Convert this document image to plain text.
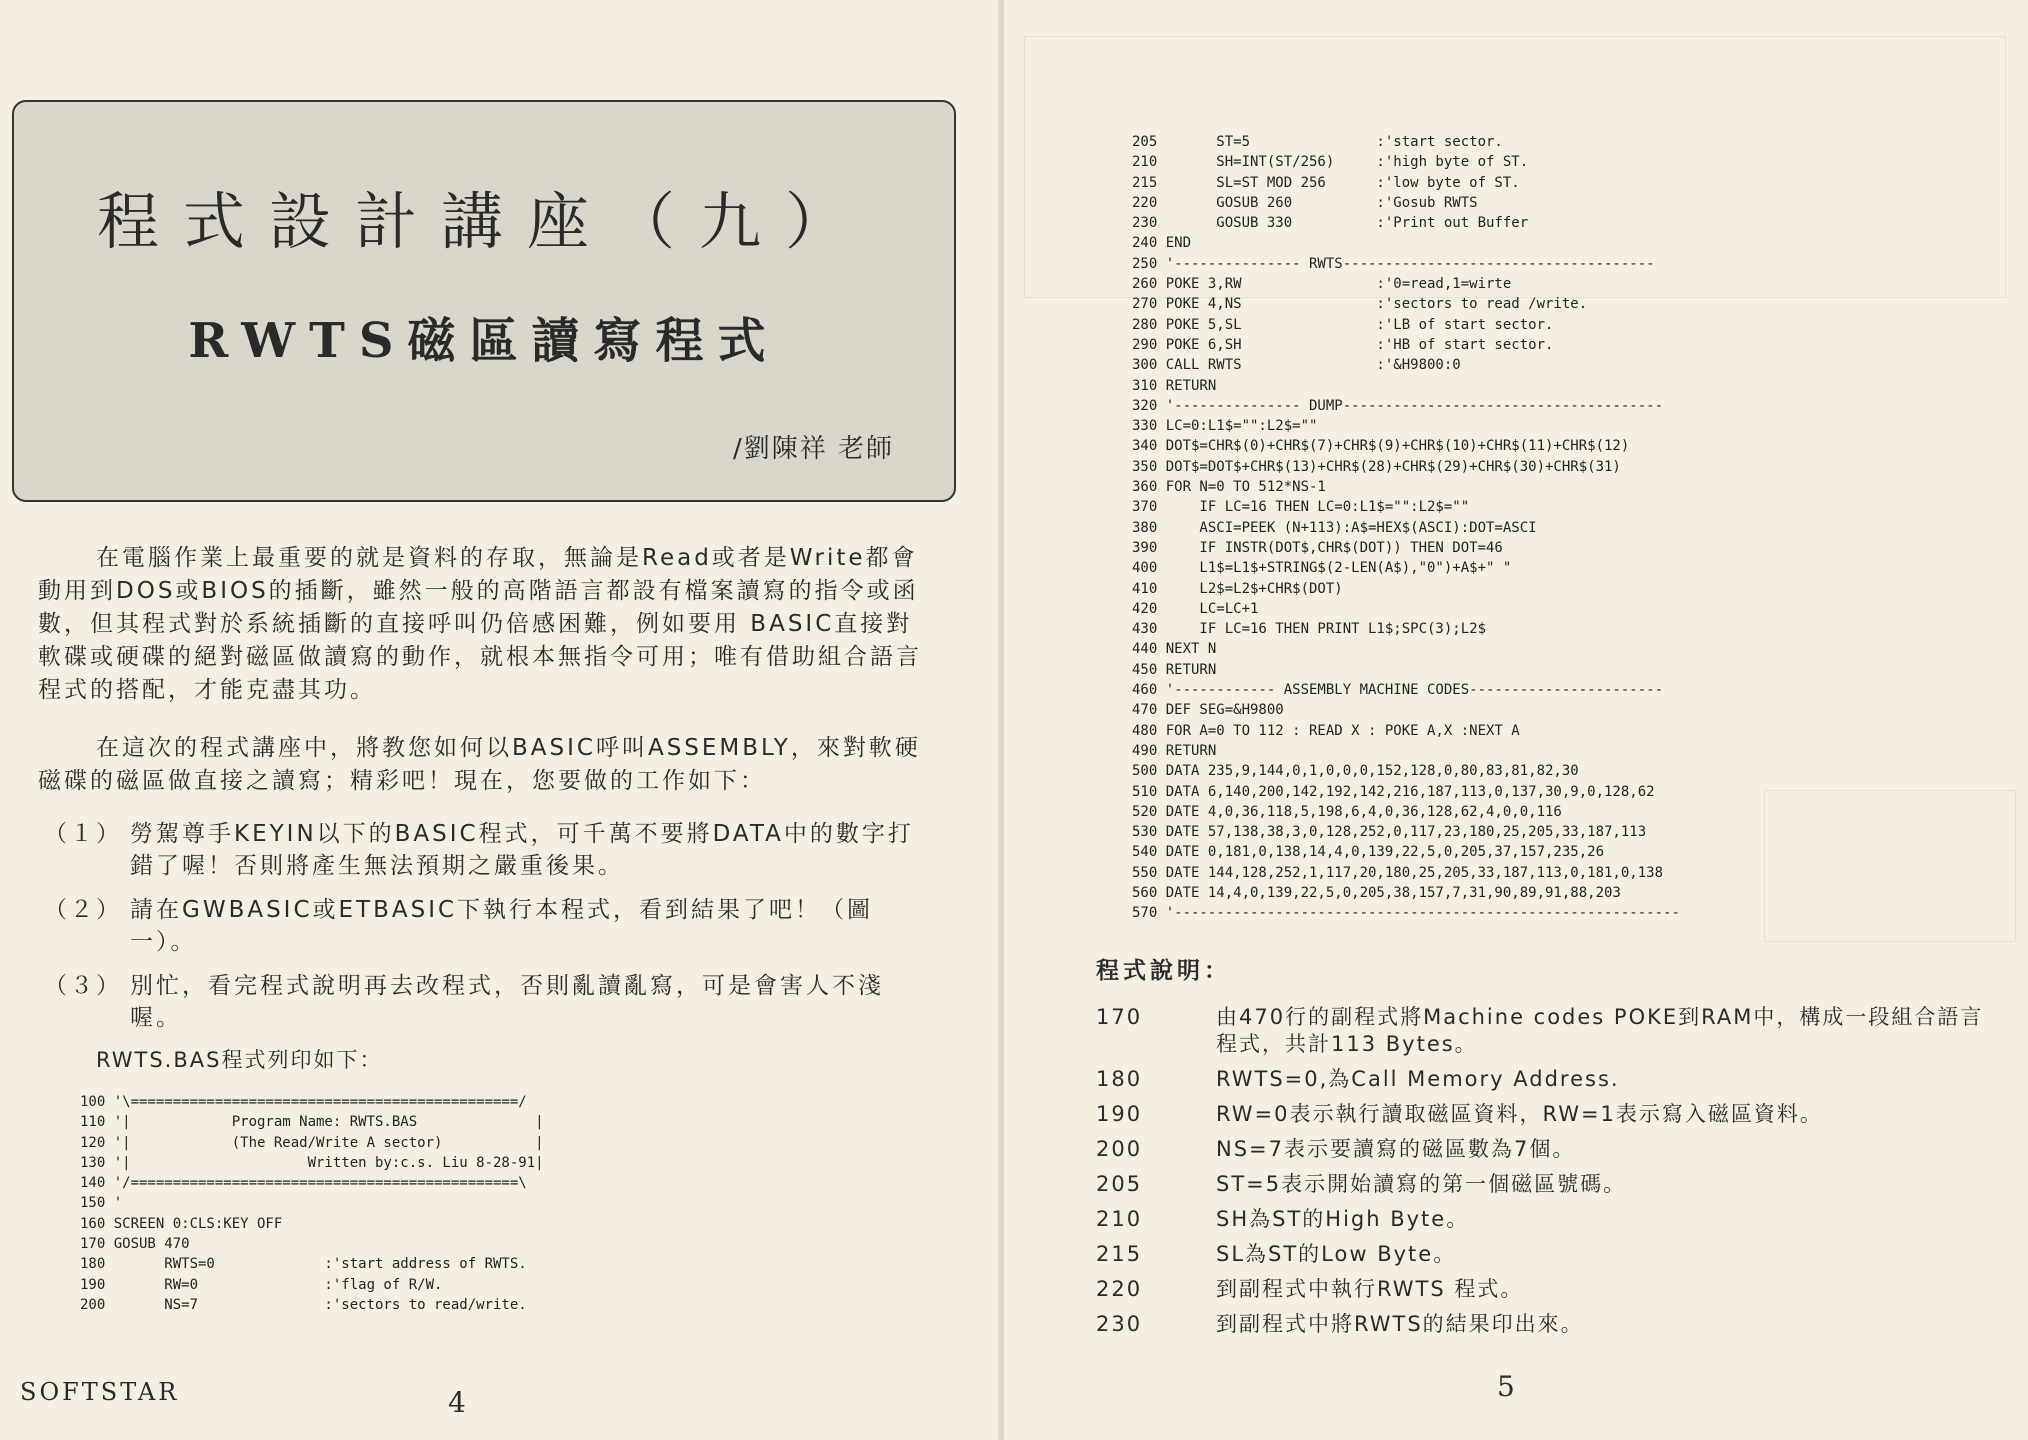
程式設計講座（九）
RWTS磁區讀寫程式
/劉陳祥 老師

在電腦作業上最重要的就是資料的存取，無論是Read或者是Write都會動用到DOS或BIOS的插斷，雖然一般的高階語言都設有檔案讀寫的指令或函數，但其程式對於系統插斷的直接呼叫仍倍感困難，例如要用 BASIC直接對軟碟或硬碟的絕對磁區做讀寫的動作，就根本無指令可用；唯有借助組合語言程式的搭配，才能克盡其功。

在這次的程式講座中，將教您如何以BASIC呼叫ASSEMBLY，來對軟硬磁碟的磁區做直接之讀寫；精彩吧！現在，您要做的工作如下：

（１） 勞駕尊手KEYIN以下的BASIC程式，可千萬不要將DATA中的數字打錯了喔！否則將產生無法預期之嚴重後果。
（２） 請在GWBASIC或ETBASIC下執行本程式，看到結果了吧！（圖一）。
（３） 別忙，看完程式說明再去改程式，否則亂讀亂寫，可是會害人不淺喔。
RWTS.BAS程式列印如下：
100 '\==============================================/
110 '|            Program Name: RWTS.BAS              |
120 '|            (The Read/Write A sector)           |
130 '|                     Written by:c.s. Liu 8-28-91|
140 '/==============================================\
150 '
160 SCREEN 0:CLS:KEY OFF
170 GOSUB 470
180       RWTS=0             :'start address of RWTS.
190       RW=0               :'flag of R/W.
200       NS=7               :'sectors to read/write.
SOFTSTAR	4
205       ST=5               :'start sector.
210       SH=INT(ST/256)     :'high byte of ST.
215       SL=ST MOD 256      :'low byte of ST.
220       GOSUB 260          :'Gosub RWTS
230       GOSUB 330          :'Print out Buffer
240 END
250 '--------------- RWTS-------------------------------------
260 POKE 3,RW                :'0=read,1=wirte
270 POKE 4,NS                :'sectors to read /write.
280 POKE 5,SL                :'LB of start sector.
290 POKE 6,SH                :'HB of start sector.
300 CALL RWTS                :'&H9800:0
310 RETURN
320 '--------------- DUMP--------------------------------------
330 LC=0:L1$="":L2$=""
340 DOT$=CHR$(0)+CHR$(7)+CHR$(9)+CHR$(10)+CHR$(11)+CHR$(12)
350 DOT$=DOT$+CHR$(13)+CHR$(28)+CHR$(29)+CHR$(30)+CHR$(31)
360 FOR N=0 TO 512*NS-1
370     IF LC=16 THEN LC=0:L1$="":L2$=""
380     ASCI=PEEK (N+113):A$=HEX$(ASCI):DOT=ASCI
390     IF INSTR(DOT$,CHR$(DOT)) THEN DOT=46
400     L1$=L1$+STRING$(2-LEN(A$),"0")+A$+" "
410     L2$=L2$+CHR$(DOT)
420     LC=LC+1
430     IF LC=16 THEN PRINT L1$;SPC(3);L2$
440 NEXT N
450 RETURN
460 '------------ ASSEMBLY MACHINE CODES-----------------------
470 DEF SEG=&H9800
480 FOR A=0 TO 112 : READ X : POKE A,X :NEXT A
490 RETURN
500 DATA 235,9,144,0,1,0,0,0,152,128,0,80,83,81,82,30
510 DATA 6,140,200,142,192,142,216,187,113,0,137,30,9,0,128,62
520 DATE 4,0,36,118,5,198,6,4,0,36,128,62,4,0,0,116
530 DATE 57,138,38,3,0,128,252,0,117,23,180,25,205,33,187,113
540 DATE 0,181,0,138,14,4,0,139,22,5,0,205,37,157,235,26
550 DATE 144,128,252,1,117,20,180,25,205,33,187,113,0,181,0,138
560 DATE 14,4,0,139,22,5,0,205,38,157,7,31,90,89,91,88,203
570 '------------------------------------------------------------
程式說明：
170	由470行的副程式將Machine codes POKE到RAM中，構成一段組合語言程式，共計113 Bytes。
180	RWTS=0,為Call Memory Address.
190	RW=0表示執行讀取磁區資料，RW=1表示寫入磁區資料。
200	NS=7表示要讀寫的磁區數為7個。
205	ST=5表示開始讀寫的第一個磁區號碼。
210	SH為ST的High Byte。
215	SL為ST的Low Byte。
220	到副程式中執行RWTS 程式。
230	到副程式中將RWTS的結果印出來。
5
